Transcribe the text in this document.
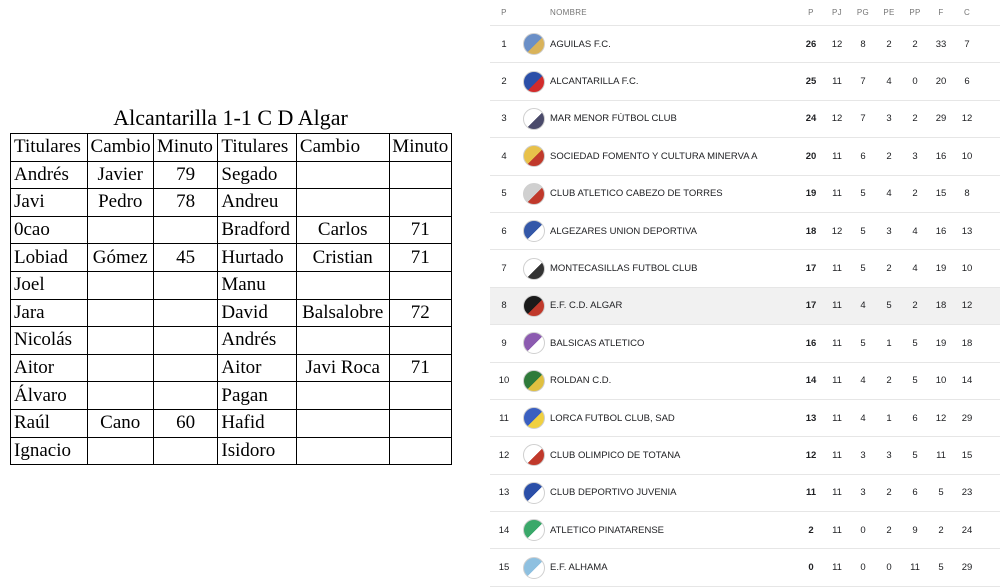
Alcantarilla 1-1 C D Algar
Titulares	Cambio	Minuto	Titulares	Cambio	Minuto
Andrés	Javier	79	Segado		
Javi	Pedro	78	Andreu		
0cao			Bradford	Carlos	71
Lobiad	Gómez	45	Hurtado	Cristian	71
Joel			Manu		
Jara			David	Balsalobre	72
Nicolás			Andrés		
Aitor			Aitor	Javi Roca	71
Álvaro			Pagan		
Raúl	Cano	60	Hafid		
Ignacio			Isidoro		
P	NOMBRE	P	PJ	PG	PE	PP	F	C
1	AGUILAS F.C.	26	12	8	2	2	33	7
2	ALCANTARILLA F.C.	25	11	7	4	0	20	6
3	MAR MENOR FÚTBOL CLUB	24	12	7	3	2	29	12
4	SOCIEDAD FOMENTO Y CULTURA MINERVA A	20	11	6	2	3	16	10
5	CLUB ATLETICO CABEZO DE TORRES	19	11	5	4	2	15	8
6	ALGEZARES UNION DEPORTIVA	18	12	5	3	4	16	13
7	MONTECASILLAS FUTBOL CLUB	17	11	5	2	4	19	10
8	E.F. C.D. ALGAR	17	11	4	5	2	18	12
9	BALSICAS ATLETICO	16	11	5	1	5	19	18
10	ROLDAN C.D.	14	11	4	2	5	10	14
11	LORCA FUTBOL CLUB, SAD	13	11	4	1	6	12	29
12	CLUB OLIMPICO DE TOTANA	12	11	3	3	5	11	15
13	CLUB DEPORTIVO JUVENIA	11	11	3	2	6	5	23
14	ATLETICO PINATARENSE	2	11	0	2	9	2	24
15	E.F. ALHAMA	0	11	0	0	11	5	29
